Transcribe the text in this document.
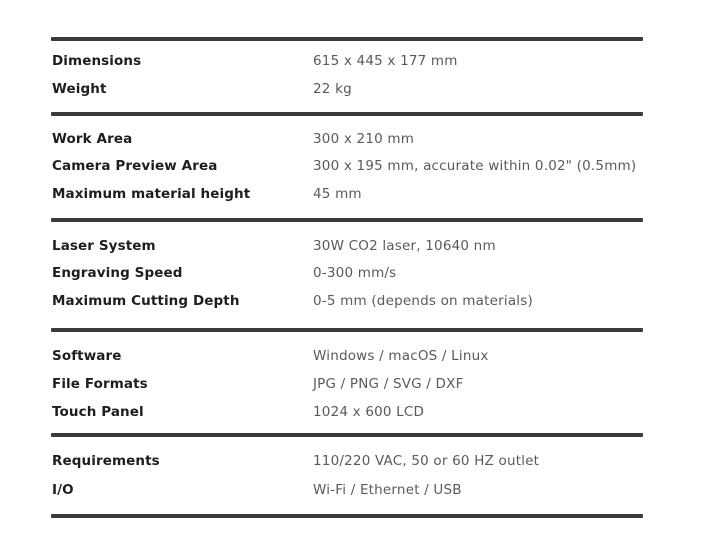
Dimensions	615 x 445 x 177 mm
Weight	22 kg
Work Area	300 x 210 mm
Camera Preview Area	300 x 195 mm, accurate within 0.02" (0.5mm)
Maximum material height	45 mm
Laser System	30W CO2 laser, 10640 nm
Engraving Speed	0-300 mm/s
Maximum Cutting Depth	0-5 mm (depends on materials)
Software	Windows / macOS / Linux
File Formats	JPG / PNG / SVG / DXF
Touch Panel	1024 x 600 LCD
Requirements	110/220 VAC, 50 or 60 HZ outlet
I/O	Wi-Fi / Ethernet / USB
